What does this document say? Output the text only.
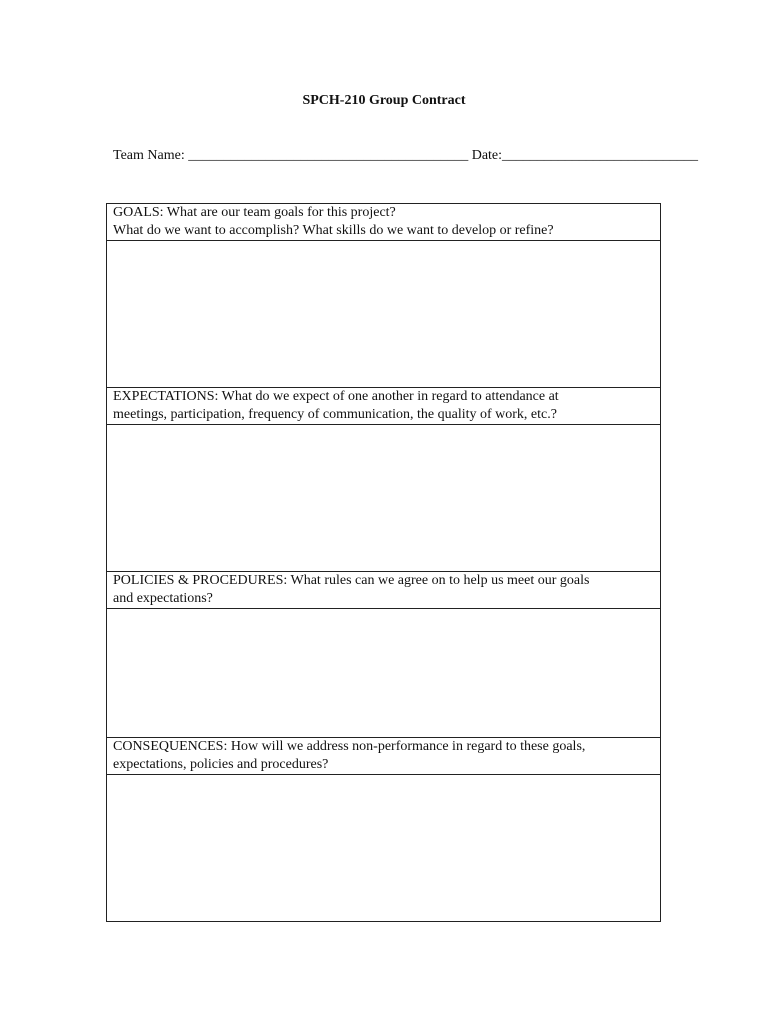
SPCH-210 Group Contract
Team Name: ________________________________________ Date:____________________________
GOALS: What are our team goals for this project?
What do we want to accomplish? What skills do we want to develop or refine?
EXPECTATIONS: What do we expect of one another in regard to attendance at
meetings, participation, frequency of communication, the quality of work, etc.?
POLICIES & PROCEDURES: What rules can we agree on to help us meet our goals
and expectations?
CONSEQUENCES: How will we address non-performance in regard to these goals,
expectations, policies and procedures?
